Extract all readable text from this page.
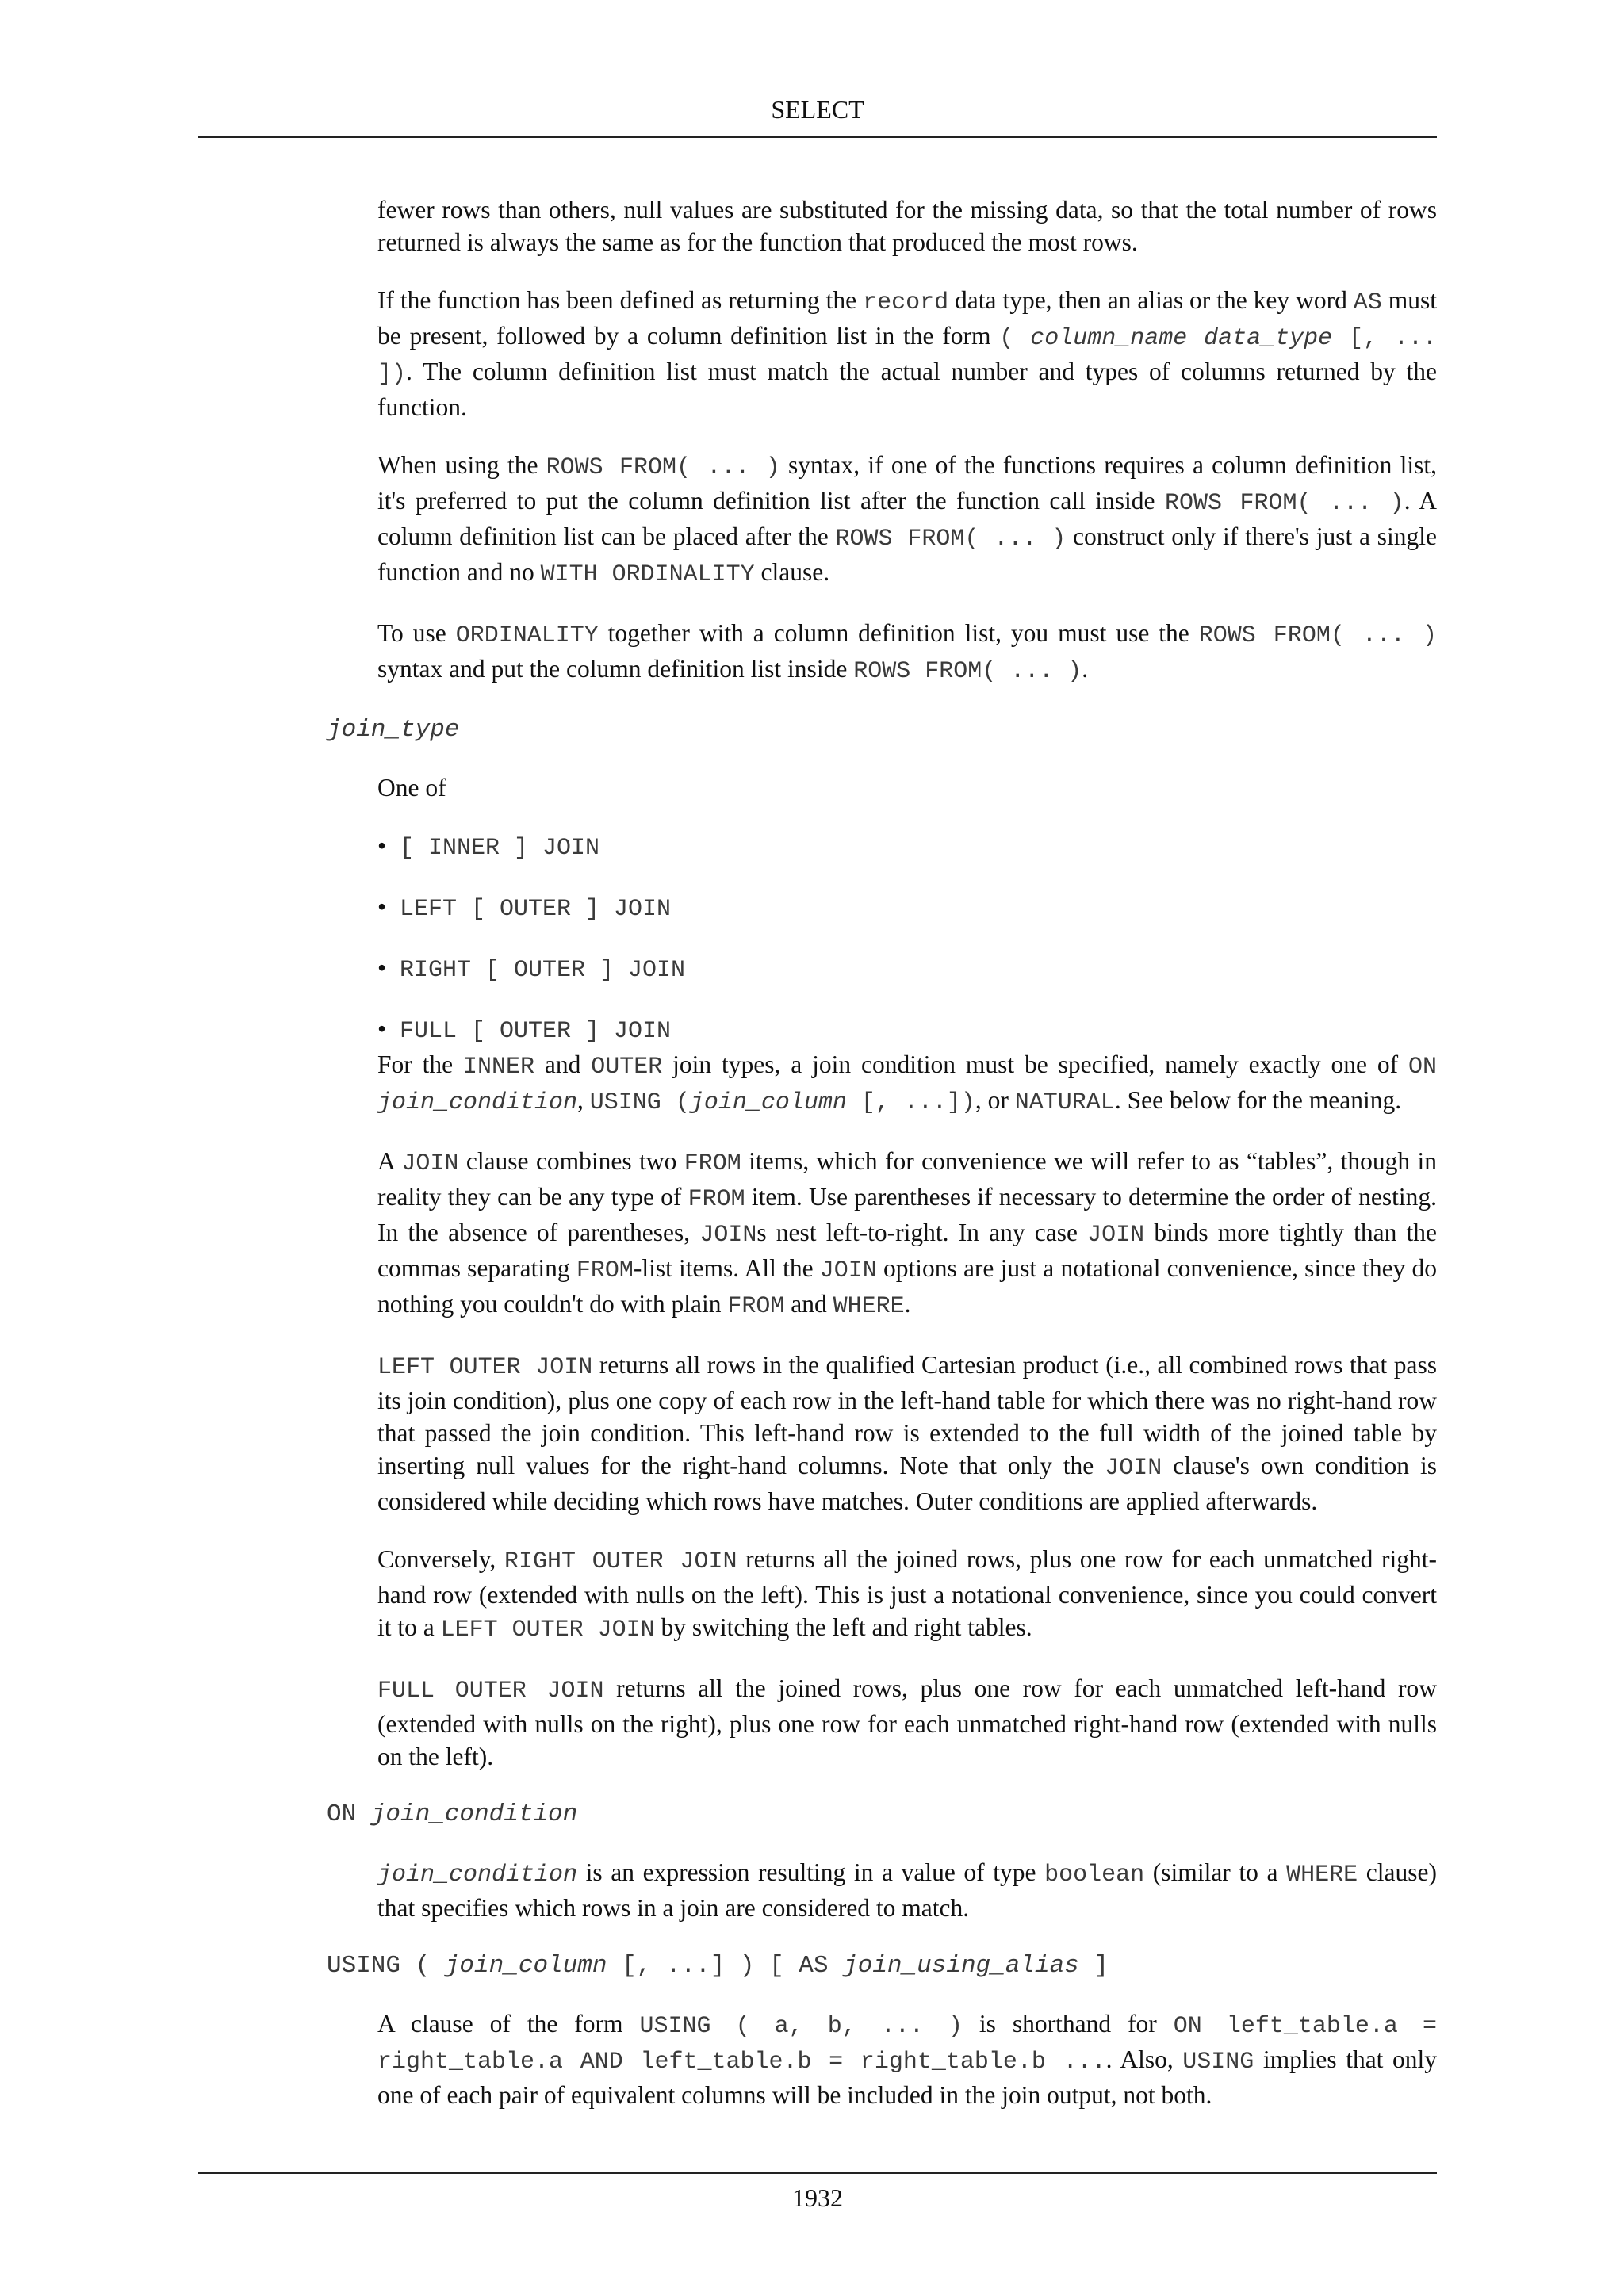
SELECT

fewer rows than others, null values are substituted for the missing data, so that the total number of rows returned is always the same as for the function that produced the most rows.

If the function has been defined as returning the record data type, then an alias or the key word AS must be present, followed by a column definition list in the form ( column_name data_type [, ... ]). The column definition list must match the actual number and types of columns returned by the function.

When using the ROWS FROM( ... ) syntax, if one of the functions requires a column definition list, it's preferred to put the column definition list after the function call inside ROWS FROM( ... ). A column definition list can be placed after the ROWS FROM( ... ) construct only if there's just a single function and no WITH ORDINALITY clause.

To use ORDINALITY together with a column definition list, you must use the ROWS FROM( ... ) syntax and put the column definition list inside ROWS FROM( ... ).

join_type

One of

• [ INNER ] JOIN
• LEFT [ OUTER ] JOIN
• RIGHT [ OUTER ] JOIN
• FULL [ OUTER ] JOIN

For the INNER and OUTER join types, a join condition must be specified, namely exactly one of ON join_condition, USING (join_column [, ...]), or NATURAL. See below for the meaning.

A JOIN clause combines two FROM items, which for convenience we will refer to as “tables”, though in reality they can be any type of FROM item. Use parentheses if necessary to determine the order of nesting. In the absence of parentheses, JOINs nest left-to-right. In any case JOIN binds more tightly than the commas separating FROM-list items. All the JOIN options are just a notational convenience, since they do nothing you couldn't do with plain FROM and WHERE.

LEFT OUTER JOIN returns all rows in the qualified Cartesian product (i.e., all combined rows that pass its join condition), plus one copy of each row in the left-hand table for which there was no right-hand row that passed the join condition. This left-hand row is extended to the full width of the joined table by inserting null values for the right-hand columns. Note that only the JOIN clause's own condition is considered while deciding which rows have matches. Outer conditions are applied afterwards.

Conversely, RIGHT OUTER JOIN returns all the joined rows, plus one row for each unmatched right-hand row (extended with nulls on the left). This is just a notational convenience, since you could convert it to a LEFT OUTER JOIN by switching the left and right tables.

FULL OUTER JOIN returns all the joined rows, plus one row for each unmatched left-hand row (extended with nulls on the right), plus one row for each unmatched right-hand row (extended with nulls on the left).

ON join_condition

join_condition is an expression resulting in a value of type boolean (similar to a WHERE clause) that specifies which rows in a join are considered to match.

USING ( join_column [, ...] ) [ AS join_using_alias ]

A clause of the form USING ( a, b, ... ) is shorthand for ON left_table.a = right_table.a AND left_table.b = right_table.b .... Also, USING implies that only one of each pair of equivalent columns will be included in the join output, not both.

1932
